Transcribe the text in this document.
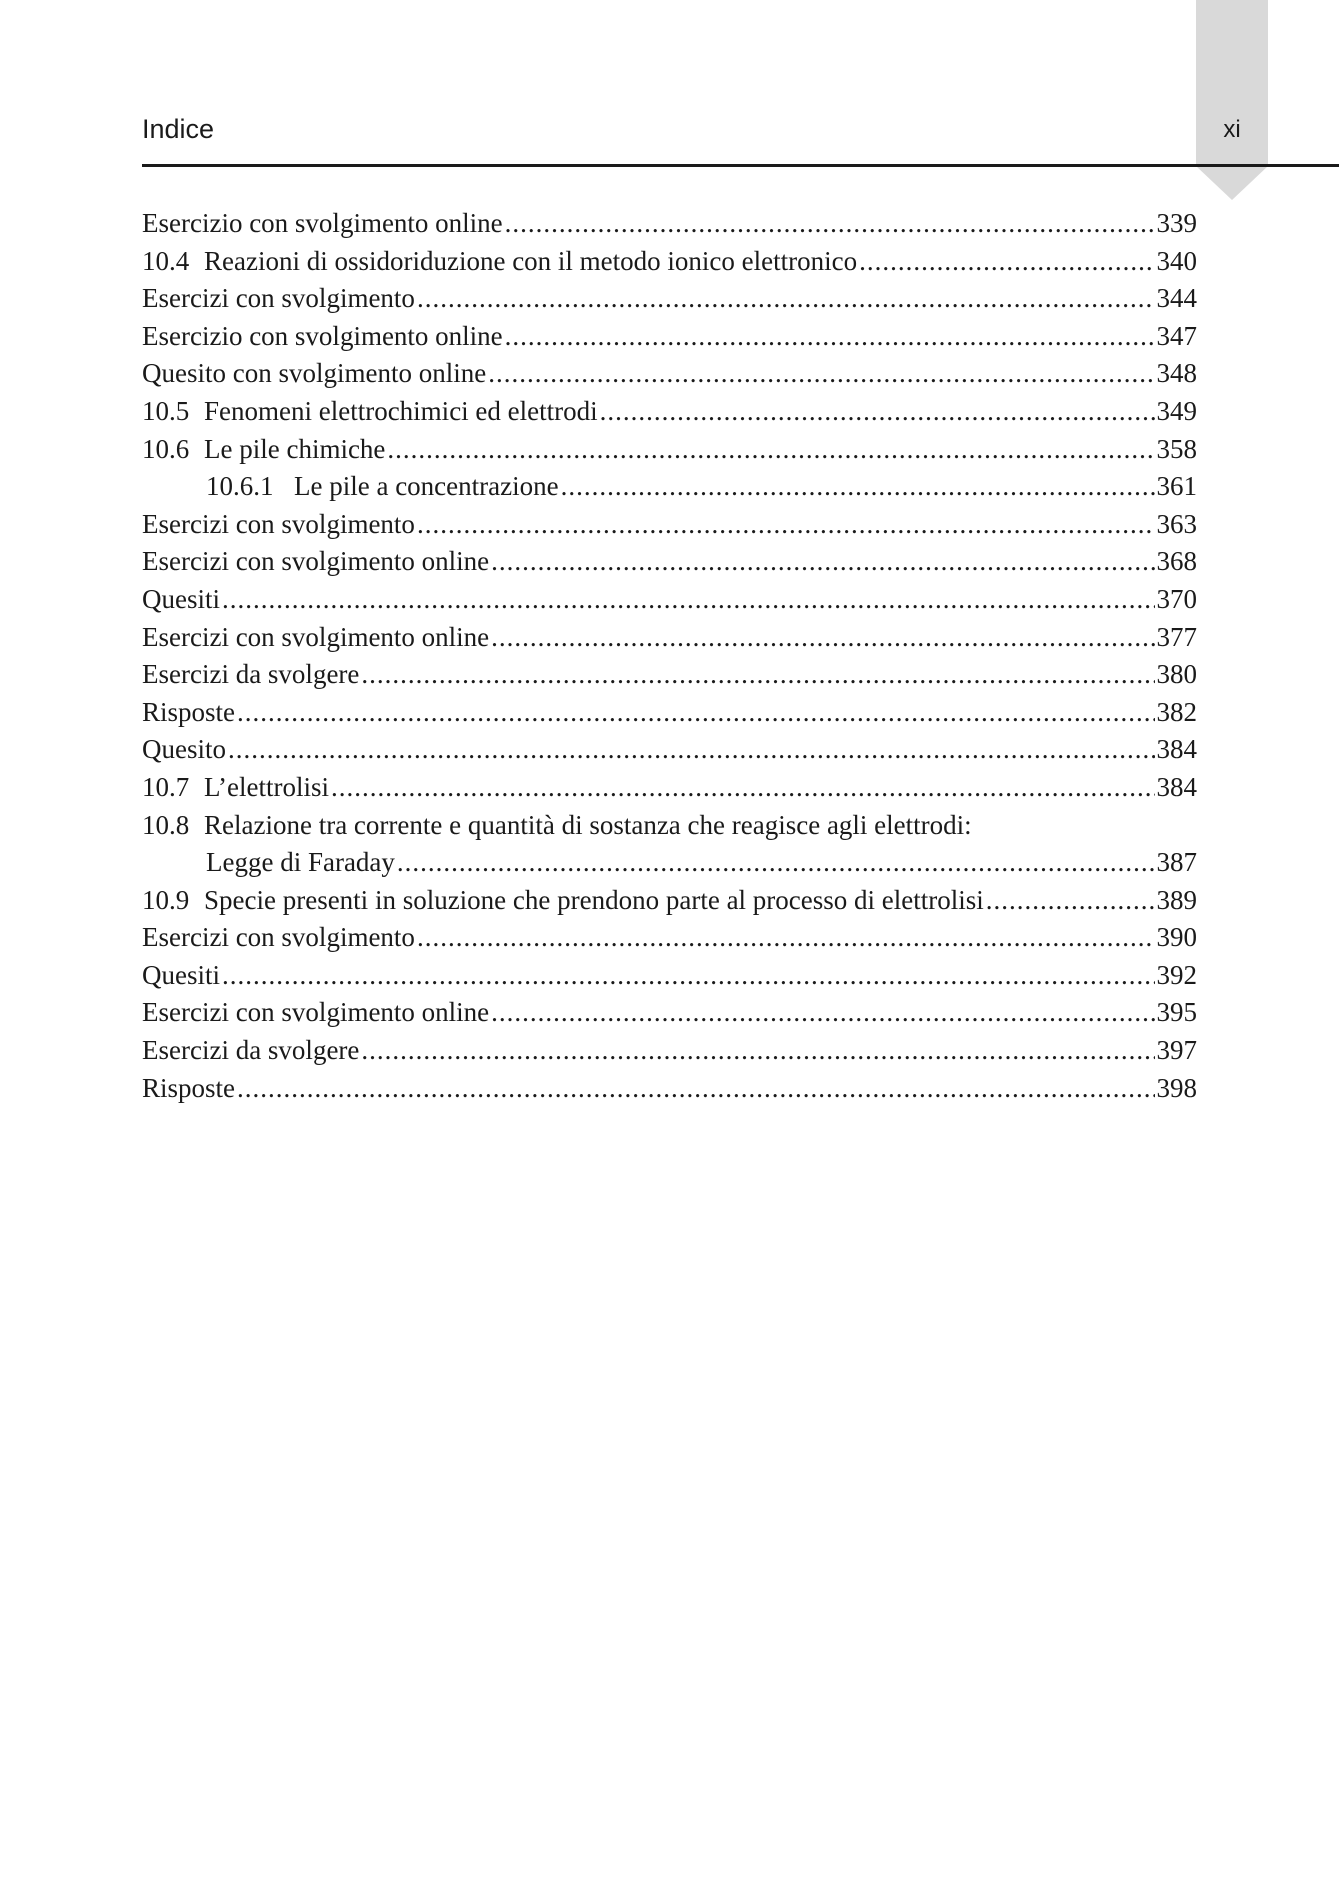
xi
Indice
Esercizio con svolgimento online .....	339
10.4 Reazioni di ossidoriduzione con il metodo ionico elettronico .....	340
Esercizi con svolgimento .....	344
Esercizio con svolgimento online .....	347
Quesito con svolgimento online .....	348
10.5 Fenomeni elettrochimici ed elettrodi .....	349
10.6 Le pile chimiche .....	358
10.6.1 Le pile a concentrazione .....	361
Esercizi con svolgimento .....	363
Esercizi con svolgimento online .....	368
Quesiti .....	370
Esercizi con svolgimento online .....	377
Esercizi da svolgere .....	380
Risposte .....	382
Quesito .....	384
10.7 L’elettrolisi .....	384
10.8 Relazione tra corrente e quantità di sostanza che reagisce agli elettrodi:
Legge di Faraday .....	387
10.9 Specie presenti in soluzione che prendono parte al processo di elettrolisi .....	389
Esercizi con svolgimento .....	390
Quesiti .....	392
Esercizi con svolgimento online .....	395
Esercizi da svolgere .....	397
Risposte .....	398
